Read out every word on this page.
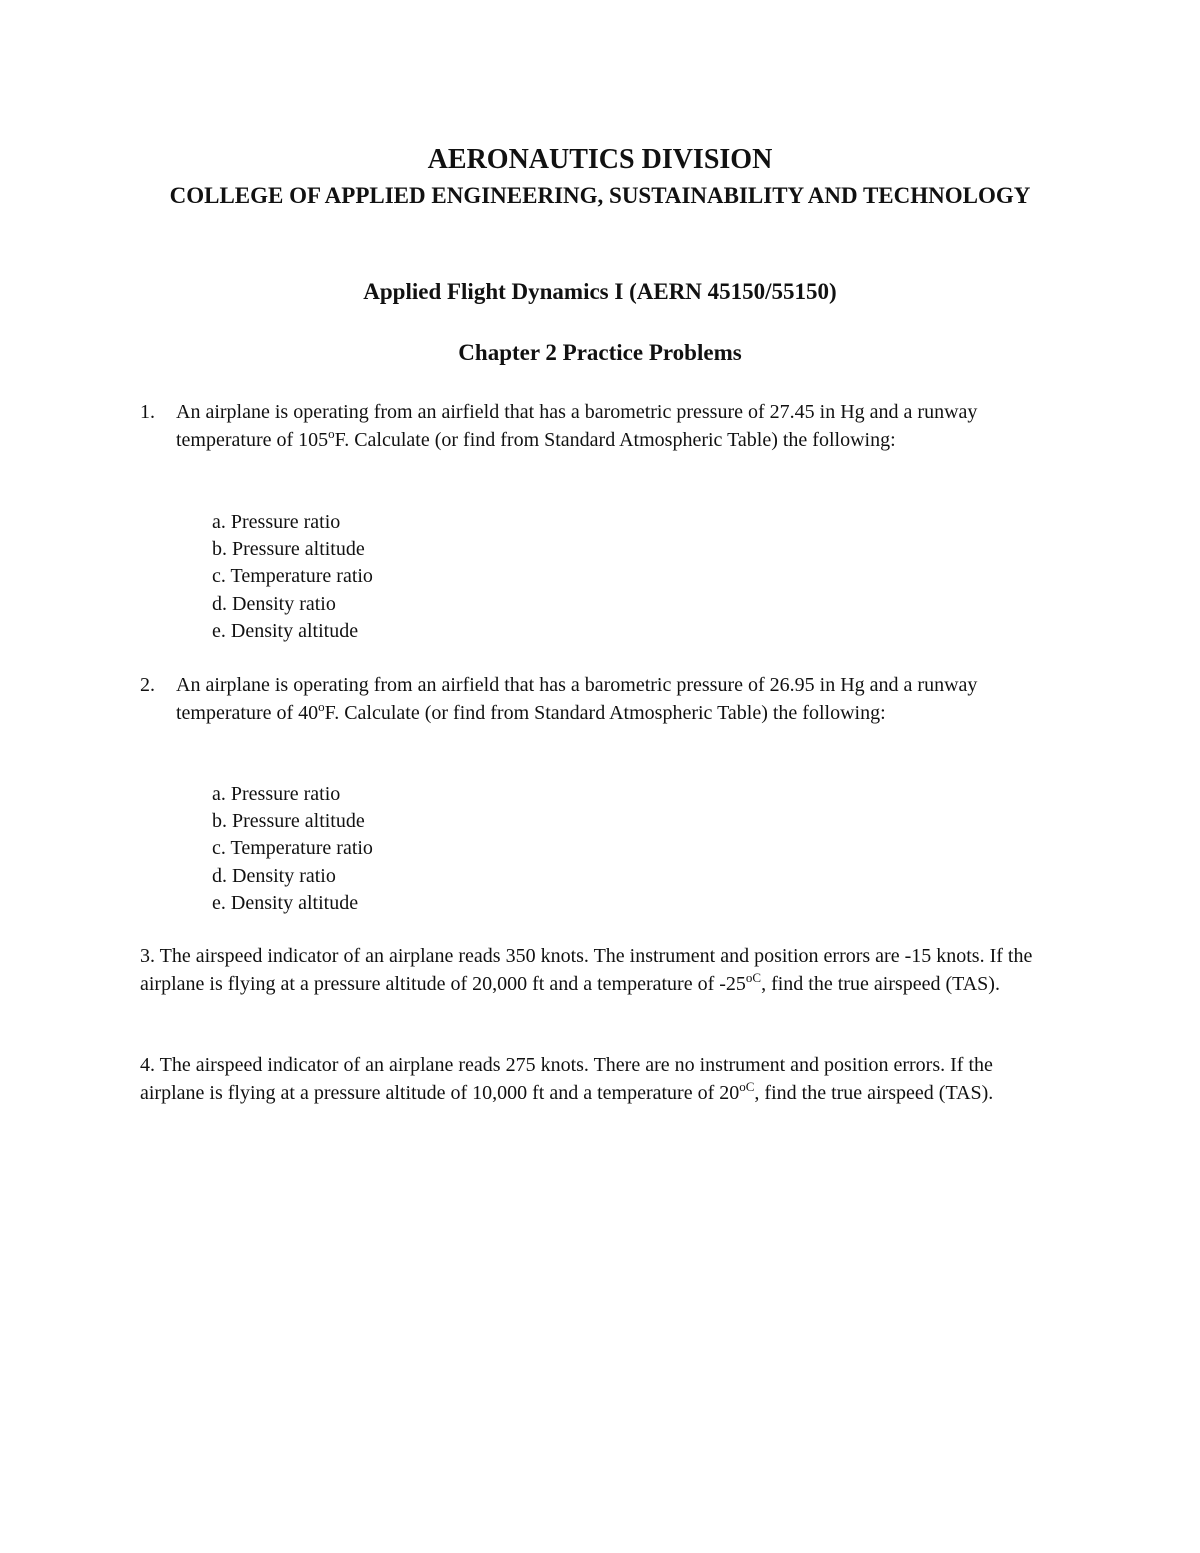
AERONAUTICS DIVISION
COLLEGE OF APPLIED ENGINEERING, SUSTAINABILITY AND TECHNOLOGY
Applied Flight Dynamics I (AERN 45150/55150)
Chapter 2 Practice Problems
1.	An airplane is operating from an airfield that has a barometric pressure of 27.45 in Hg and a runway temperature of 105$^o$F. Calculate (or find from Standard Atmospheric Table) the following:
a. Pressure ratio
b. Pressure altitude
c. Temperature ratio
d. Density ratio
e. Density altitude
2.	An airplane is operating from an airfield that has a barometric pressure of 26.95 in Hg and a runway temperature of 40$^o$F. Calculate (or find from Standard Atmospheric Table) the following:
a. Pressure ratio
b. Pressure altitude
c. Temperature ratio
d. Density ratio
e. Density altitude
3. The airspeed indicator of an airplane reads 350 knots. The instrument and position errors are -15 knots. If the airplane is flying at a pressure altitude of 20,000 ft and a temperature of $-25^{oC}$, find the true airspeed (TAS).
4. The airspeed indicator of an airplane reads 275 knots. There are no instrument and position errors. If the airplane is flying at a pressure altitude of 10,000 ft and a temperature of $20^{oC}$, find the true airspeed (TAS).
